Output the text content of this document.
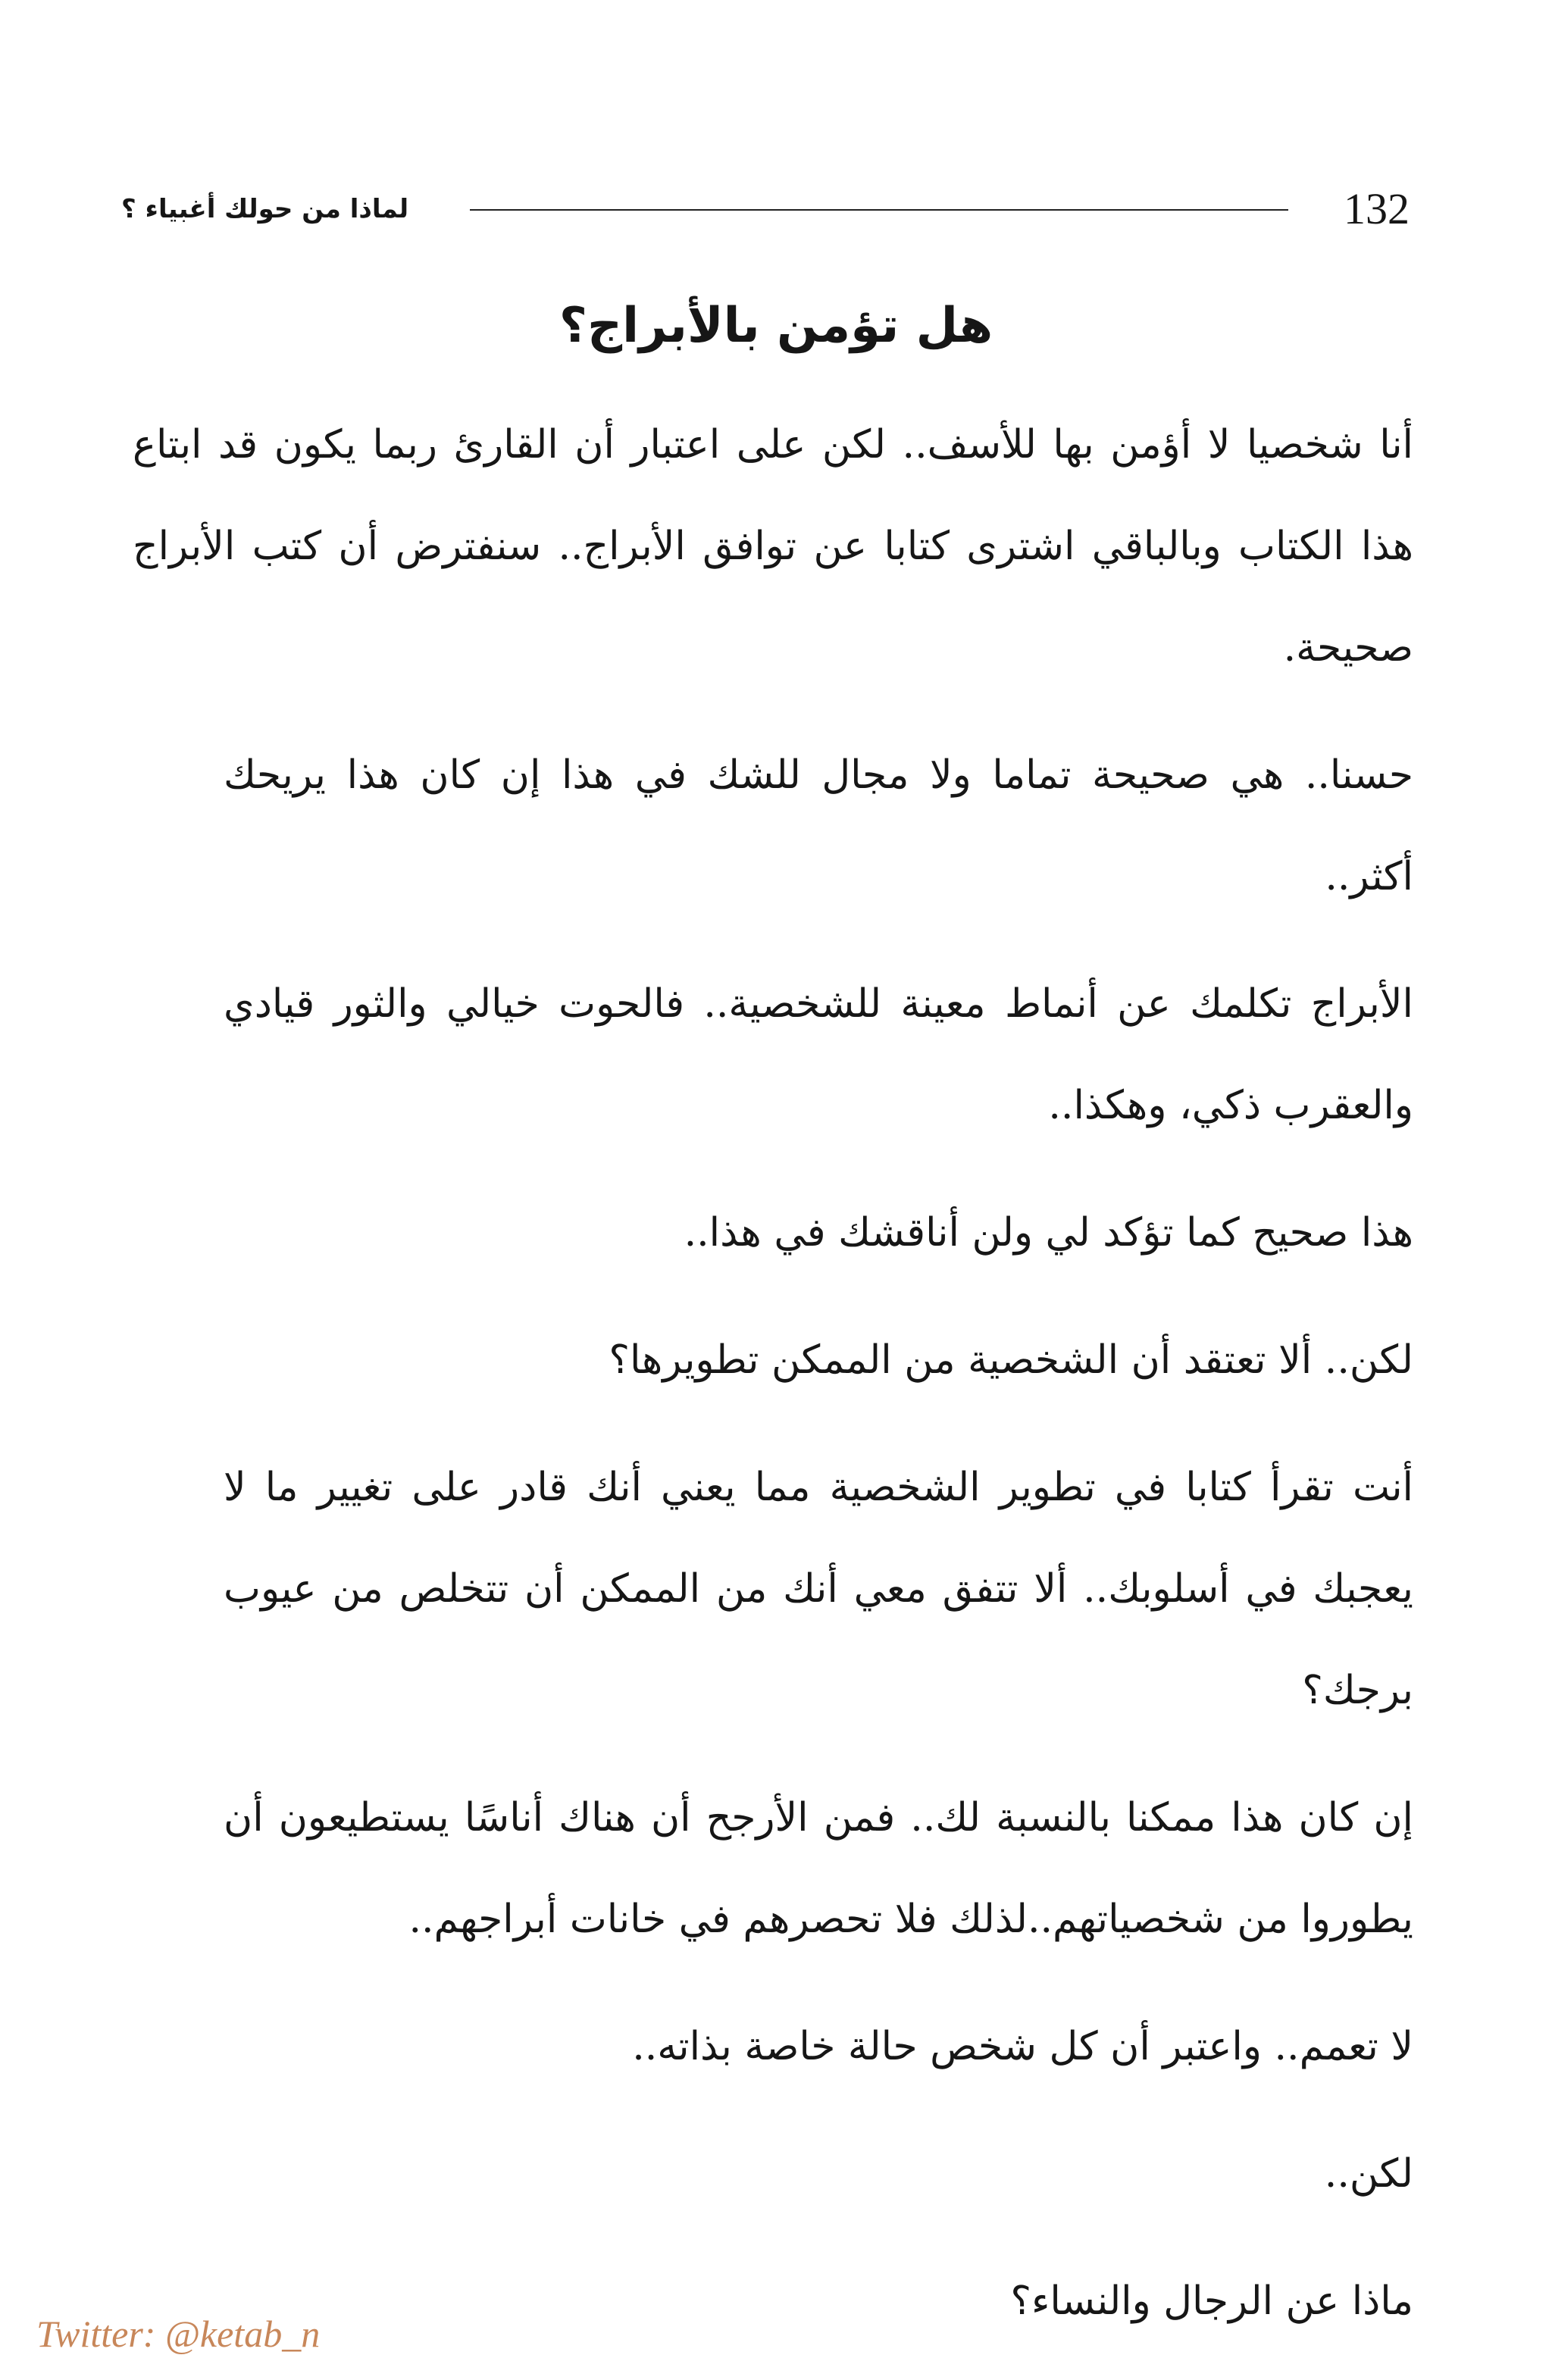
لماذا من حولك أغبياء ؟	132
هل تؤمن بالأبراج؟

أنا شخصيا لا أؤمن بها للأسف.. لكن على اعتبار أن القارئ ربما يكون قد ابتاع هذا الكتاب وبالباقي اشترى كتابا عن توافق الأبراج.. سنفترض أن كتب الأبراج صحيحة.

حسنا.. هي صحيحة تماما ولا مجال للشك في هذا إن كان هذا يريحك أكثر..

الأبراج تكلمك عن أنماط معينة للشخصية.. فالحوت خيالي والثور قيادي والعقرب ذكي، وهكذا..

هذا صحيح كما تؤكد لي ولن أناقشك في هذا..

لكن.. ألا تعتقد أن الشخصية من الممكن تطويرها؟

أنت تقرأ كتابا في تطوير الشخصية مما يعني أنك قادر على تغيير ما لا يعجبك في أسلوبك.. ألا تتفق معي أنك من الممكن أن تتخلص من عيوب برجك؟

إن كان هذا ممكنا بالنسبة لك.. فمن الأرجح أن هناك أناسًا يستطيعون أن يطوروا من شخصياتهم..لذلك فلا تحصرهم في خانات أبراجهم..

لا تعمم.. واعتبر أن كل شخص حالة خاصة بذاته..

لكن..

ماذا عن الرجال والنساء؟

Twitter: @ketab_n
